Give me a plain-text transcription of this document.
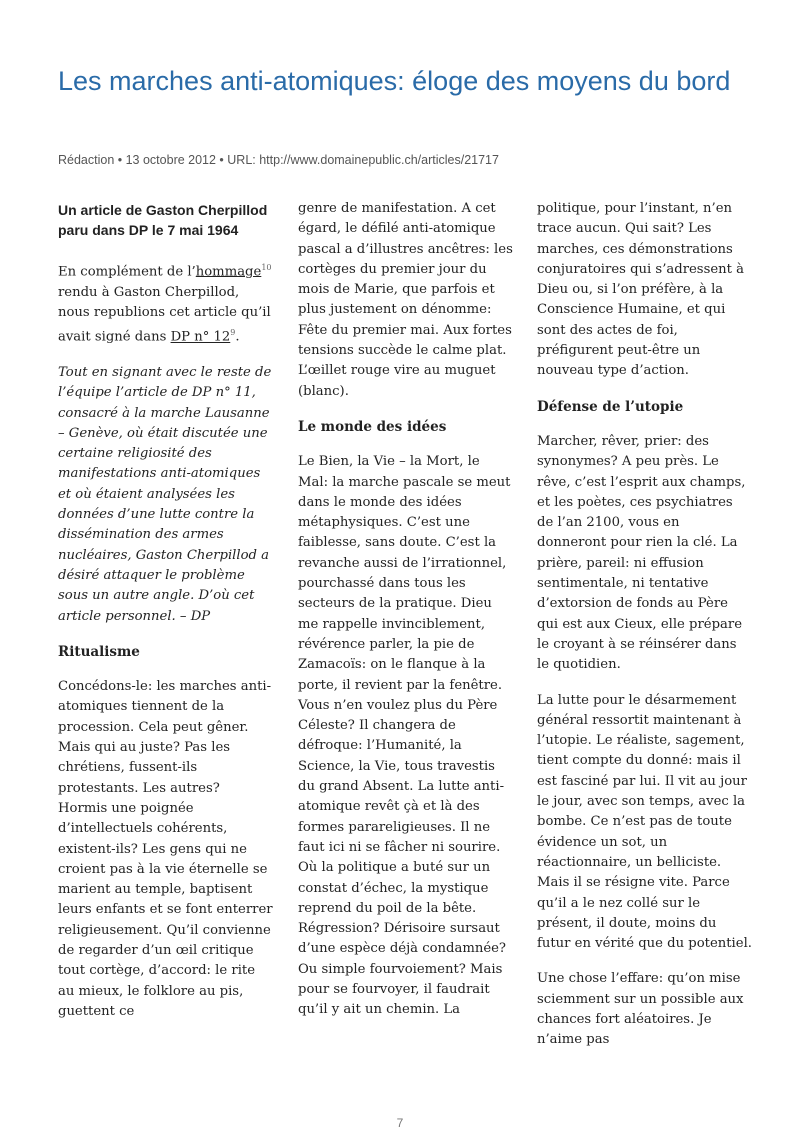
Les marches anti-atomiques: éloge des moyens du bord
Rédaction • 13 octobre 2012 • URL: http://www.domainepublic.ch/articles/21717
Un article de Gaston Cherpillod paru dans DP le 7 mai 1964

En complément de l’hommage$^{10}$ rendu à Gaston Cherpillod, nous republions cet article qu’il avait signé dans DP n° $12^9$.

Tout en signant avec le reste de l’équipe l’article de DP n° 11, consacré à la marche Lausanne – Genève, où était discutée une certaine religiosité des manifestations anti-atomiques et où étaient analysées les données d’une lutte contre la dissémination des armes nucléaires, Gaston Cherpillod a désiré attaquer le problème sous un autre angle. D’où cet article personnel. – DP

Ritualisme

Concédons-le: les marches anti-atomiques tiennent de la procession. Cela peut gêner. Mais qui au juste? Pas les chrétiens, fussent-ils protestants. Les autres? Hormis une poignée d’intellectuels cohérents, existent-ils? Les gens qui ne croient pas à la vie éternelle se marient au temple, baptisent leurs enfants et se font enterrer religieusement. Qu’il convienne de regarder d’un œil critique tout cortège, d’accord: le rite au mieux, le folklore au pis, guettent ce

genre de manifestation. A cet égard, le défilé anti-atomique pascal a d’illustres ancêtres: les cortèges du premier jour du mois de Marie, que parfois et plus justement on dénomme: Fête du premier mai. Aux fortes tensions succède le calme plat. L’œillet rouge vire au muguet (blanc).

Le monde des idées

Le Bien, la Vie – la Mort, le Mal: la marche pascale se meut dans le monde des idées métaphysiques. C’est une faiblesse, sans doute. C’est la revanche aussi de l’irrationnel, pourchassé dans tous les secteurs de la pratique. Dieu me rappelle invinciblement, révérence parler, la pie de Zamacoïs: on le flanque à la porte, il revient par la fenêtre. Vous n’en voulez plus du Père Céleste? Il changera de défroque: l’Humanité, la Science, la Vie, tous travestis du grand Absent. La lutte anti-atomique revêt çà et là des formes parareligieuses. Il ne faut ici ni se fâcher ni sourire. Où la politique a buté sur un constat d’échec, la mystique reprend du poil de la bête. Régression? Dérisoire sursaut d’une espèce déjà condamnée? Ou simple fourvoiement? Mais pour se fourvoyer, il faudrait qu’il y ait un chemin. La

politique, pour l’instant, n’en trace aucun. Qui sait? Les marches, ces démonstrations conjuratoires qui s’adressent à Dieu ou, si l’on préfère, à la Conscience Humaine, et qui sont des actes de foi, préfigurent peut-être un nouveau type d’action.

Défense de l’utopie

Marcher, rêver, prier: des synonymes? A peu près. Le rêve, c’est l’esprit aux champs, et les poètes, ces psychiatres de l’an 2100, vous en donneront pour rien la clé. La prière, pareil: ni effusion sentimentale, ni tentative d’extorsion de fonds au Père qui est aux Cieux, elle prépare le croyant à se réinsérer dans le quotidien.

La lutte pour le désarmement général ressortit maintenant à l’utopie. Le réaliste, sagement, tient compte du donné: mais il est fasciné par lui. Il vit au jour le jour, avec son temps, avec la bombe. Ce n’est pas de toute évidence un sot, un réactionnaire, un belliciste. Mais il se résigne vite. Parce qu’il a le nez collé sur le présent, il doute, moins du futur en vérité que du potentiel.

Une chose l’effare: qu’on mise sciemment sur un possible aux chances fort aléatoires. Je n’aime pas

7
